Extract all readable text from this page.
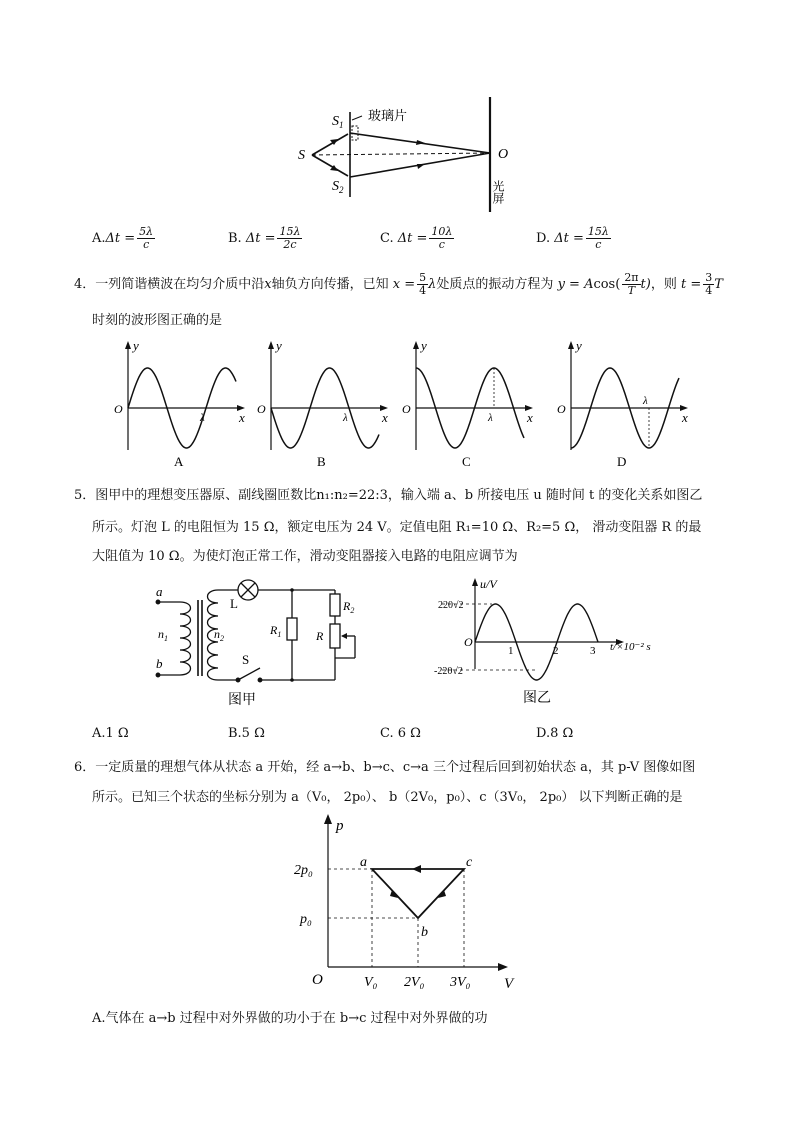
S
$S_1$
$S_2$
玻璃片
O
光屏
$A.\Delta t = \frac{5\lambda}{c}$	B. $\Delta t = \frac{15\lambda}{2c}$	C. $\Delta t = \frac{10\lambda}{c}$	D. $\Delta t = \frac{15\lambda}{c}$
4．一列简谐横波在均匀介质中沿x轴负方向传播，已知 $x = \frac{5}{4}$ λ处质点的振动方程为 $y = Acos( \frac{2\pi}{T} t)$，则 $t = \frac{3}{4}$ T
时刻的波形图正确的是
y
x
O
λ
A
y
x
O
λ
B
y
x
O
λ
C
y
x
O
λ
D
5．图甲中的理想变压器原、副线圈匝数比n₁:n₂=22:3，输入端 a、b 所接电压 u 随时间 t 的变化关系如图乙
所示。灯泡 L 的电阻恒为 15 Ω，额定电压为 24 V。定值电阻 R₁=10 Ω、R₂=5 Ω， 滑动变阻器 R 的最
大阻值为 10 Ω。为使灯泡正常工作，滑动变阻器接入电路的电阻应调节为
a
b
$n_1$	$n_2$
L
S
$R_1$
$R_2$
R
图甲
u/V
220√2
-220√2
O
1	2	3 t/×10⁻² s
图乙
A.1 Ω	B.5 Ω	C. 6 Ω	D.8 Ω
6．一定质量的理想气体从状态 a 开始，经 a→b、b→c、c→a 三个过程后回到初始状态 a，其 p-V 图像如图
所示。已知三个状态的坐标分别为 a（V₀， 2p₀）、 b（2V₀，p₀）、c（3V₀， 2p₀） 以下判断正确的是
p
V
O
2p₀
p₀
V₀ 2V₀ 3V₀
a
b
c
A.气体在 a→b 过程中对外界做的功小于在 b→c 过程中对外界做的功
